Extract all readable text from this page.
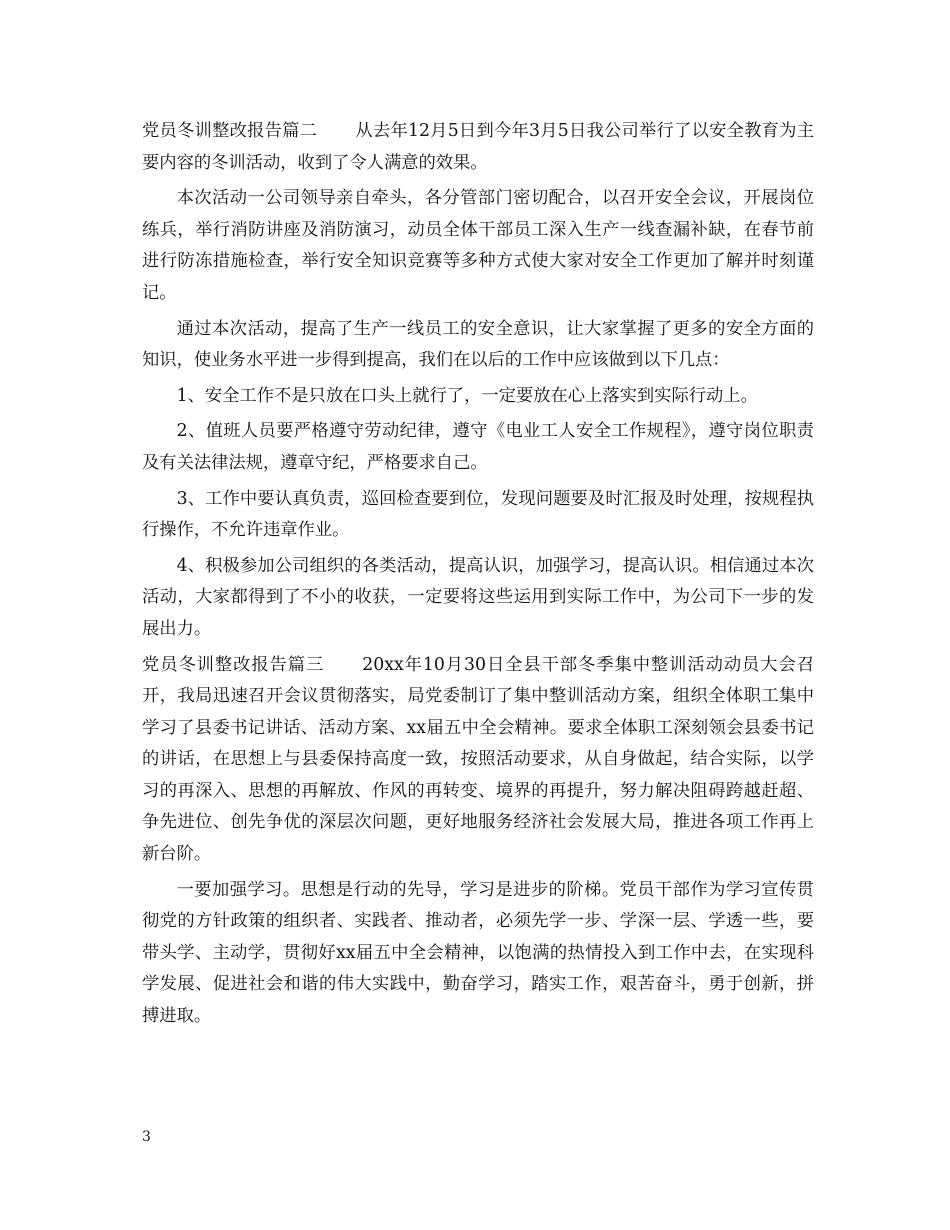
党员冬训整改报告篇二 从去年12月5日到今年3月5日我公司举行了以安全教育为主要内容的冬训活动，收到了令人满意的效果。

本次活动一公司领导亲自牵头，各分管部门密切配合，以召开安全会议，开展岗位练兵，举行消防讲座及消防演习，动员全体干部员工深入生产一线查漏补缺，在春节前进行防冻措施检查，举行安全知识竞赛等多种方式使大家对安全工作更加了解并时刻谨记。

通过本次活动，提高了生产一线员工的安全意识，让大家掌握了更多的安全方面的知识，使业务水平进一步得到提高，我们在以后的工作中应该做到以下几点：

1、安全工作不是只放在口头上就行了，一定要放在心上落实到实际行动上。

2、值班人员要严格遵守劳动纪律，遵守《电业工人安全工作规程》，遵守岗位职责及有关法律法规，遵章守纪，严格要求自己。

3、工作中要认真负责，巡回检查要到位，发现问题要及时汇报及时处理，按规程执行操作，不允许违章作业。

4、积极参加公司组织的各类活动，提高认识，加强学习，提高认识。相信通过本次活动，大家都得到了不小的收获，一定要将这些运用到实际工作中，为公司下一步的发展出力。

党员冬训整改报告篇三 20xx年10月30日全县干部冬季集中整训活动动员大会召开，我局迅速召开会议贯彻落实，局党委制订了集中整训活动方案，组织全体职工集中学习了县委书记讲话、活动方案、xx届五中全会精神。要求全体职工深刻领会县委书记的讲话，在思想上与县委保持高度一致，按照活动要求，从自身做起，结合实际，以学习的再深入、思想的再解放、作风的再转变、境界的再提升，努力解决阻碍跨越赶超、争先进位、创先争优的深层次问题，更好地服务经济社会发展大局，推进各项工作再上新台阶。

一要加强学习。思想是行动的先导，学习是进步的阶梯。党员干部作为学习宣传贯彻党的方针政策的组织者、实践者、推动者，必须先学一步、学深一层、学透一些，要带头学、主动学，贯彻好xx届五中全会精神，以饱满的热情投入到工作中去，在实现科学发展、促进社会和谐的伟大实践中，勤奋学习，踏实工作，艰苦奋斗，勇于创新，拼搏进取。

3
